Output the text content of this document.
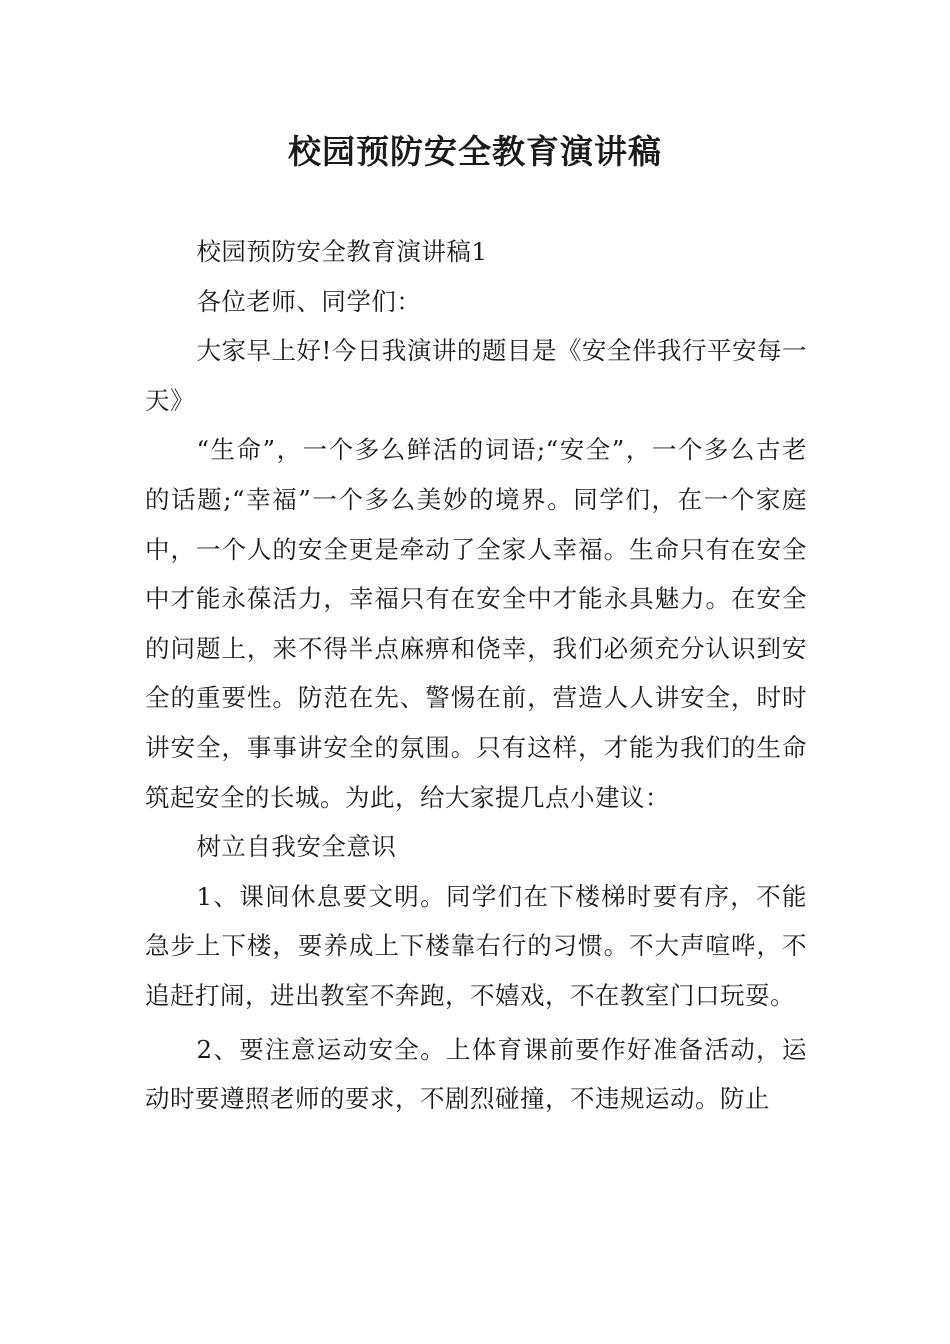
校园预防安全教育演讲稿

校园预防安全教育演讲稿1

各位老师、同学们：

大家早上好!今日我演讲的题目是《安全伴我行平安每一天》

“生命”，一个多么鲜活的词语;“安全”，一个多么古老的话题;“幸福”一个多么美妙的境界。同学们，在一个家庭中，一个人的安全更是牵动了全家人幸福。生命只有在安全中才能永葆活力，幸福只有在安全中才能永具魅力。在安全的问题上，来不得半点麻痹和侥幸，我们必须充分认识到安全的重要性。防范在先、警惕在前，营造人人讲安全，时时讲安全，事事讲安全的氛围。只有这样，才能为我们的生命筑起安全的长城。为此，给大家提几点小建议：

树立自我安全意识

1、课间休息要文明。同学们在下楼梯时要有序，不能急步上下楼，要养成上下楼靠右行的习惯。不大声喧哗，不追赶打闹，进出教室不奔跑，不嬉戏，不在教室门口玩耍。

2、要注意运动安全。上体育课前要作好准备活动，运动时要遵照老师的要求，不剧烈碰撞，不违规运动。防止
